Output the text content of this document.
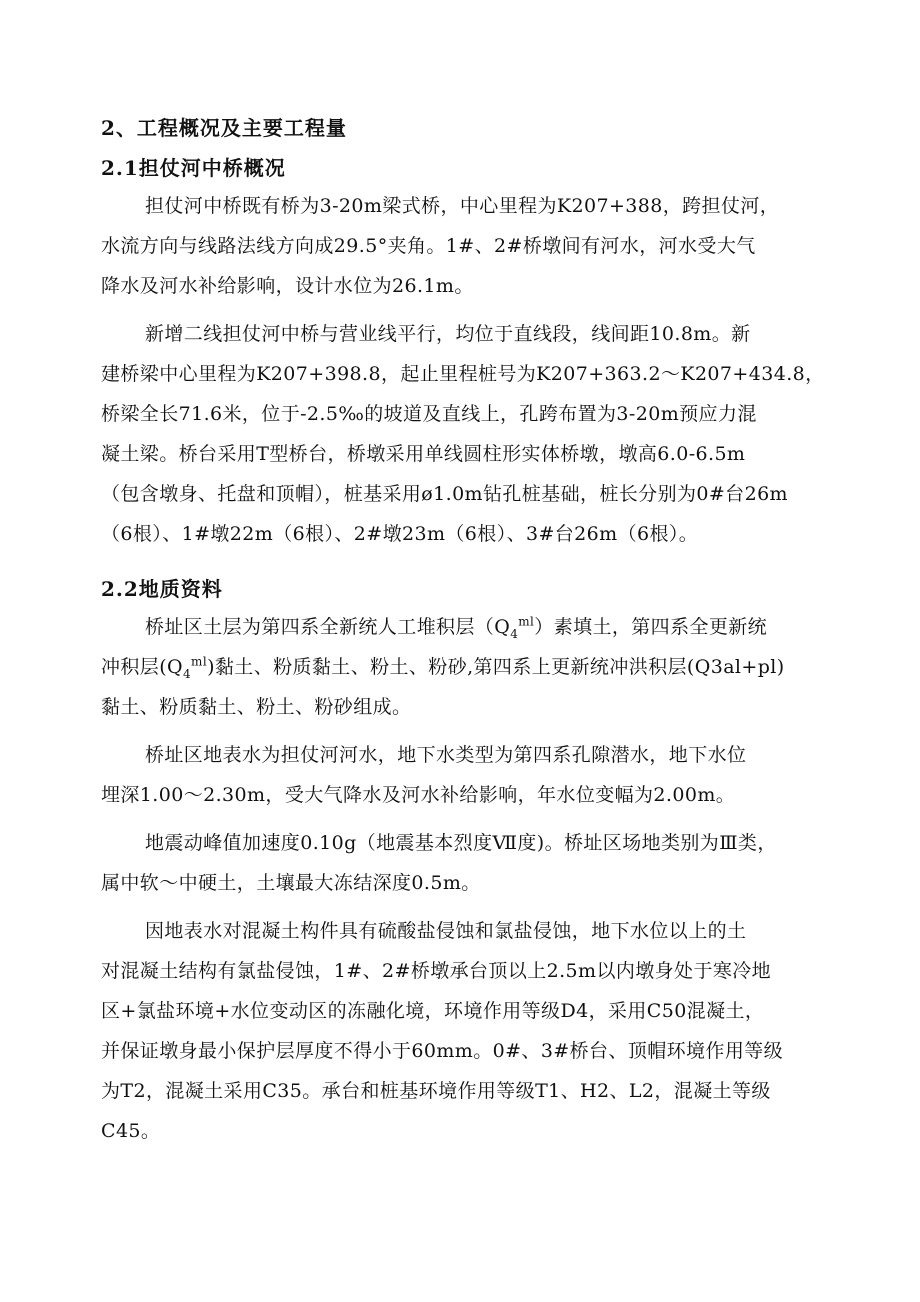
2、工程概况及主要工程量
2.1担仗河中桥概况
担仗河中桥既有桥为3-20m梁式桥，中心里程为K207+388，跨担仗河，
水流方向与线路法线方向成29.5°夹角。1#、2#桥墩间有河水，河水受大气
降水及河水补给影响，设计水位为26.1m。
新增二线担仗河中桥与营业线平行，均位于直线段，线间距10.8m。新
建桥梁中心里程为K207+398.8，起止里程桩号为K207+363.2～K207+434.8，
桥梁全长71.6米，位于-2.5‰的坡道及直线上，孔跨布置为3-20m预应力混
凝土梁。桥台采用T型桥台，桥墩采用单线圆柱形实体桥墩，墩高6.0-6.5m
（包含墩身、托盘和顶帽），桩基采用ø1.0m钻孔桩基础，桩长分别为0#台26m
（6根）、1#墩22m（6根）、2#墩23m（6根）、3#台26m（6根）。
2.2地质资料
桥址区土层为第四系全新统人工堆积层$(Q_4^{ml})$素填土，第四系全更新统
冲积层$(Q_4^{ml})$黏土、粉质黏土、粉土、粉砂,第四系上更新统冲洪积层(Q3al+pl)
黏土、粉质黏土、粉土、粉砂组成。
桥址区地表水为担仗河河水，地下水类型为第四系孔隙潜水，地下水位
埋深1.00～2.30m，受大气降水及河水补给影响，年水位变幅为2.00m。
地震动峰值加速度0.10g（地震基本烈度Ⅶ度)。桥址区场地类别为Ⅲ类，
属中软～中硬土，土壤最大冻结深度0.5m。
因地表水对混凝土构件具有硫酸盐侵蚀和氯盐侵蚀，地下水位以上的土
对混凝土结构有氯盐侵蚀，1#、2#桥墩承台顶以上2.5m以内墩身处于寒冷地
区+氯盐环境+水位变动区的冻融化境，环境作用等级D4，采用C50混凝土，
并保证墩身最小保护层厚度不得小于60mm。0#、3#桥台、顶帽环境作用等级
为T2，混凝土采用C35。承台和桩基环境作用等级T1、H2、L2，混凝土等级
C45。
